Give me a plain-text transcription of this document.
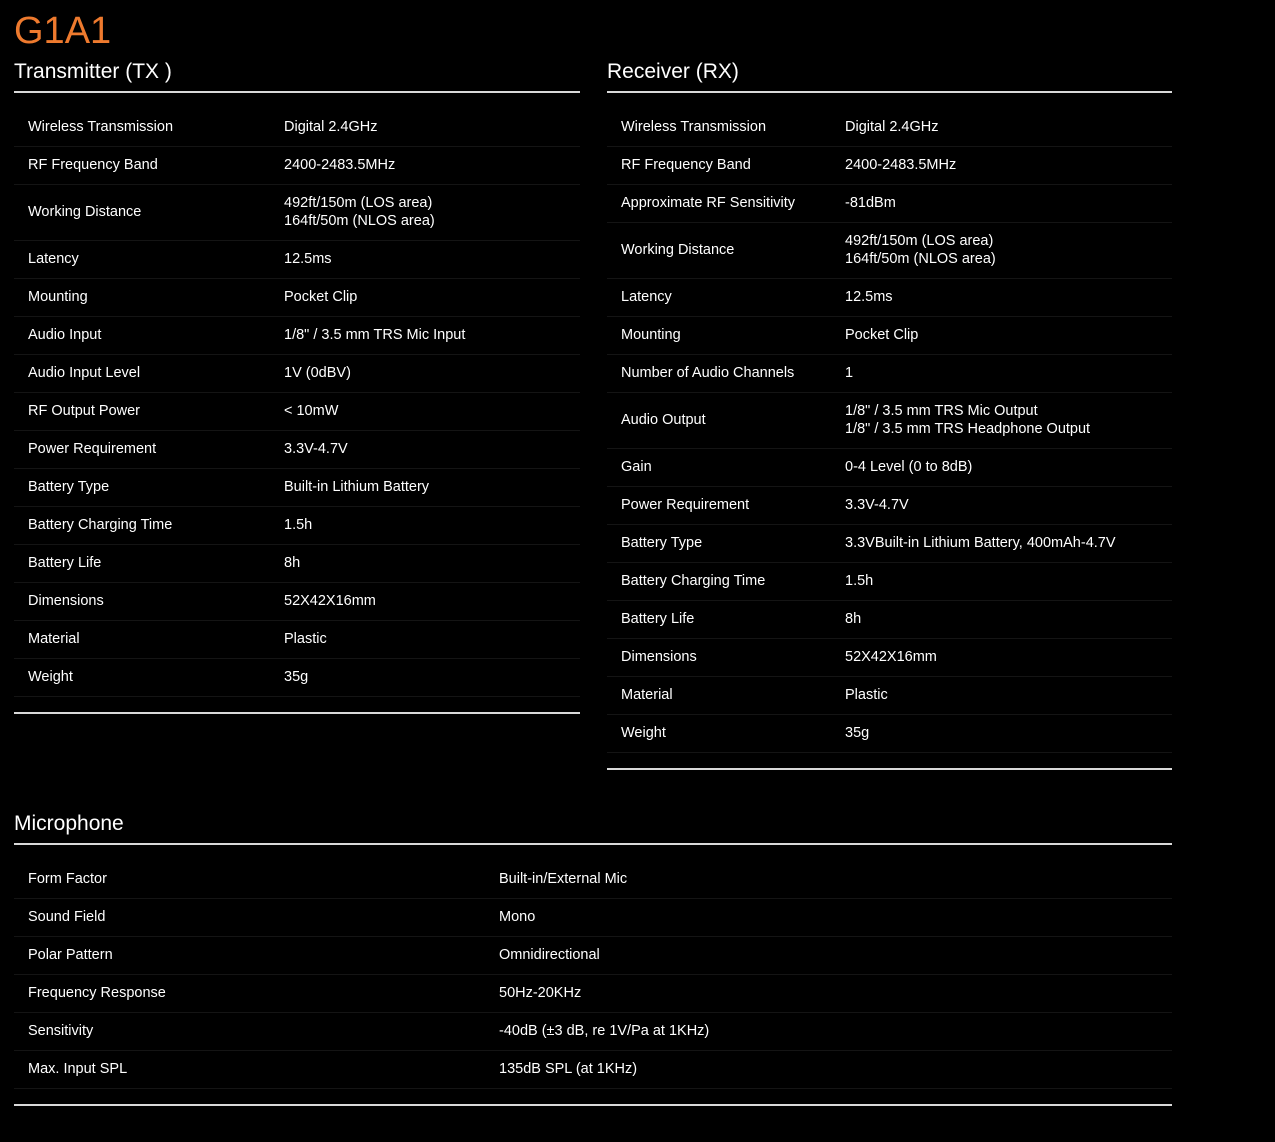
G1A1
Transmitter (TX )
Wireless Transmission	Digital 2.4GHz

RF Frequency Band	2400-2483.5MHz

Working Distance	492ft/150m (LOS area)
164ft/50m (NLOS area)

Latency	12.5ms

Mounting	Pocket Clip

Audio Input	1/8" / 3.5 mm TRS Mic Input

Audio Input Level	1V (0dBV)

RF Output Power	< 10mW

Power Requirement	3.3V-4.7V

Battery Type	Built-in Lithium Battery

Battery Charging Time	1.5h

Battery Life	8h

Dimensions	52X42X16mm

Material	Plastic

Weight	35g
Receiver (RX)
Wireless Transmission	Digital 2.4GHz

RF Frequency Band	2400-2483.5MHz

Approximate RF Sensitivity	-81dBm

Working Distance	492ft/150m (LOS area)
164ft/50m (NLOS area)

Latency	12.5ms

Mounting	Pocket Clip

Number of Audio Channels	1

Audio Output	1/8" / 3.5 mm TRS Mic Output
1/8" / 3.5 mm TRS Headphone Output

Gain	0-4 Level (0 to 8dB)

Power Requirement	3.3V-4.7V

Battery Type	3.3VBuilt-in Lithium Battery, 400mAh-4.7V

Battery Charging Time	1.5h

Battery Life	8h

Dimensions	52X42X16mm

Material	Plastic

Weight	35g
Microphone
Form Factor	Built-in/External Mic

Sound Field	Mono

Polar Pattern	Omnidirectional

Frequency Response	50Hz-20KHz

Sensitivity	-40dB (±3 dB, re 1V/Pa at 1KHz)

Max. Input SPL	135dB SPL (at 1KHz)
